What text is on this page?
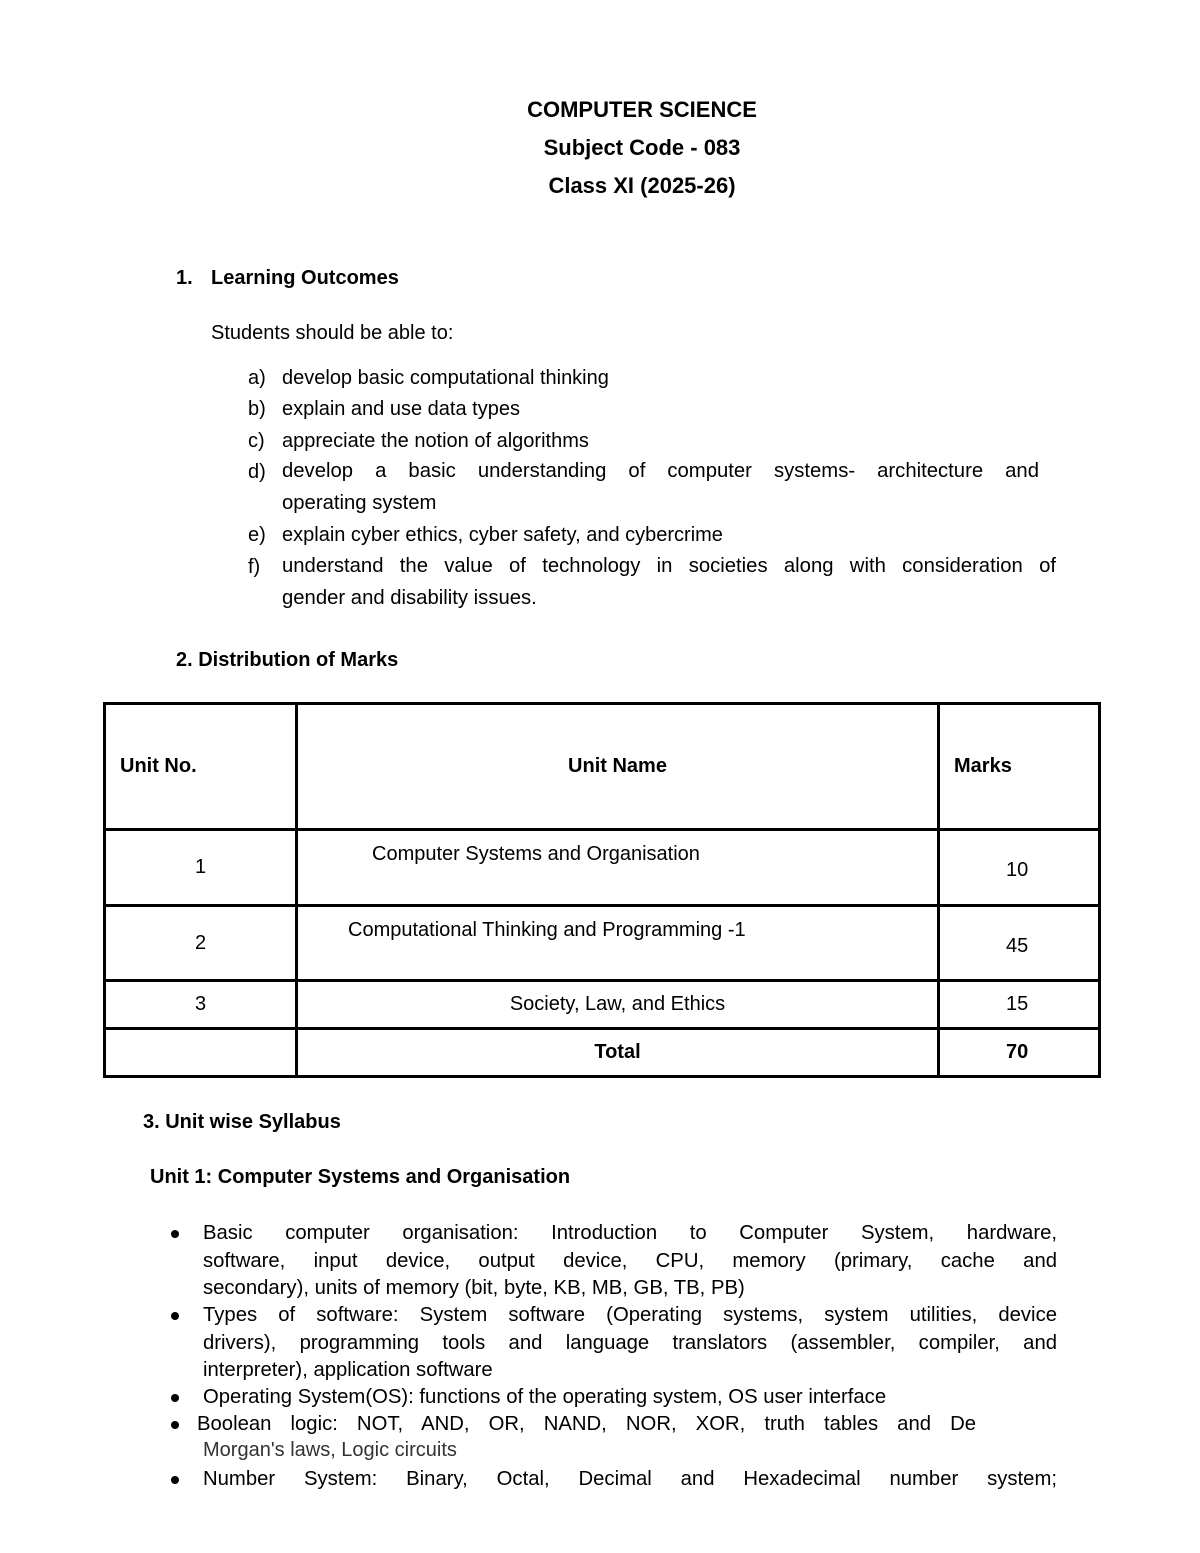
COMPUTER SCIENCE
Subject Code - 083
Class XI (2025-26)
1. Learning Outcomes
Students should be able to:
a) develop basic computational thinking
b) explain and use data types
c) appreciate the notion of algorithms
d) develop a basic understanding of computer systems- architecture and
operating system
e) explain cyber ethics, cyber safety, and cybercrime
f) understand the value of technology in societies along with consideration of
gender and disability issues.
2. Distribution of Marks
Unit No.	Unit Name	Marks
1	Computer Systems and Organisation	10
2	Computational Thinking and Programming -1	45
3	Society, Law, and Ethics	15
	Total	70
3. Unit wise Syllabus
Unit 1: Computer Systems and Organisation
Basic computer organisation: Introduction to Computer System, hardware,
software, input device, output device, CPU, memory (primary, cache and
secondary), units of memory (bit, byte, KB, MB, GB, TB, PB)
Types of software: System software (Operating systems, system utilities, device
drivers), programming tools and language translators (assembler, compiler, and
interpreter), application software
Operating System(OS): functions of the operating system, OS user interface
Boolean logic: NOT, AND, OR, NAND, NOR, XOR, truth tables and De
Morgan's laws, Logic circuits
Number System: Binary, Octal, Decimal and Hexadecimal number system;
